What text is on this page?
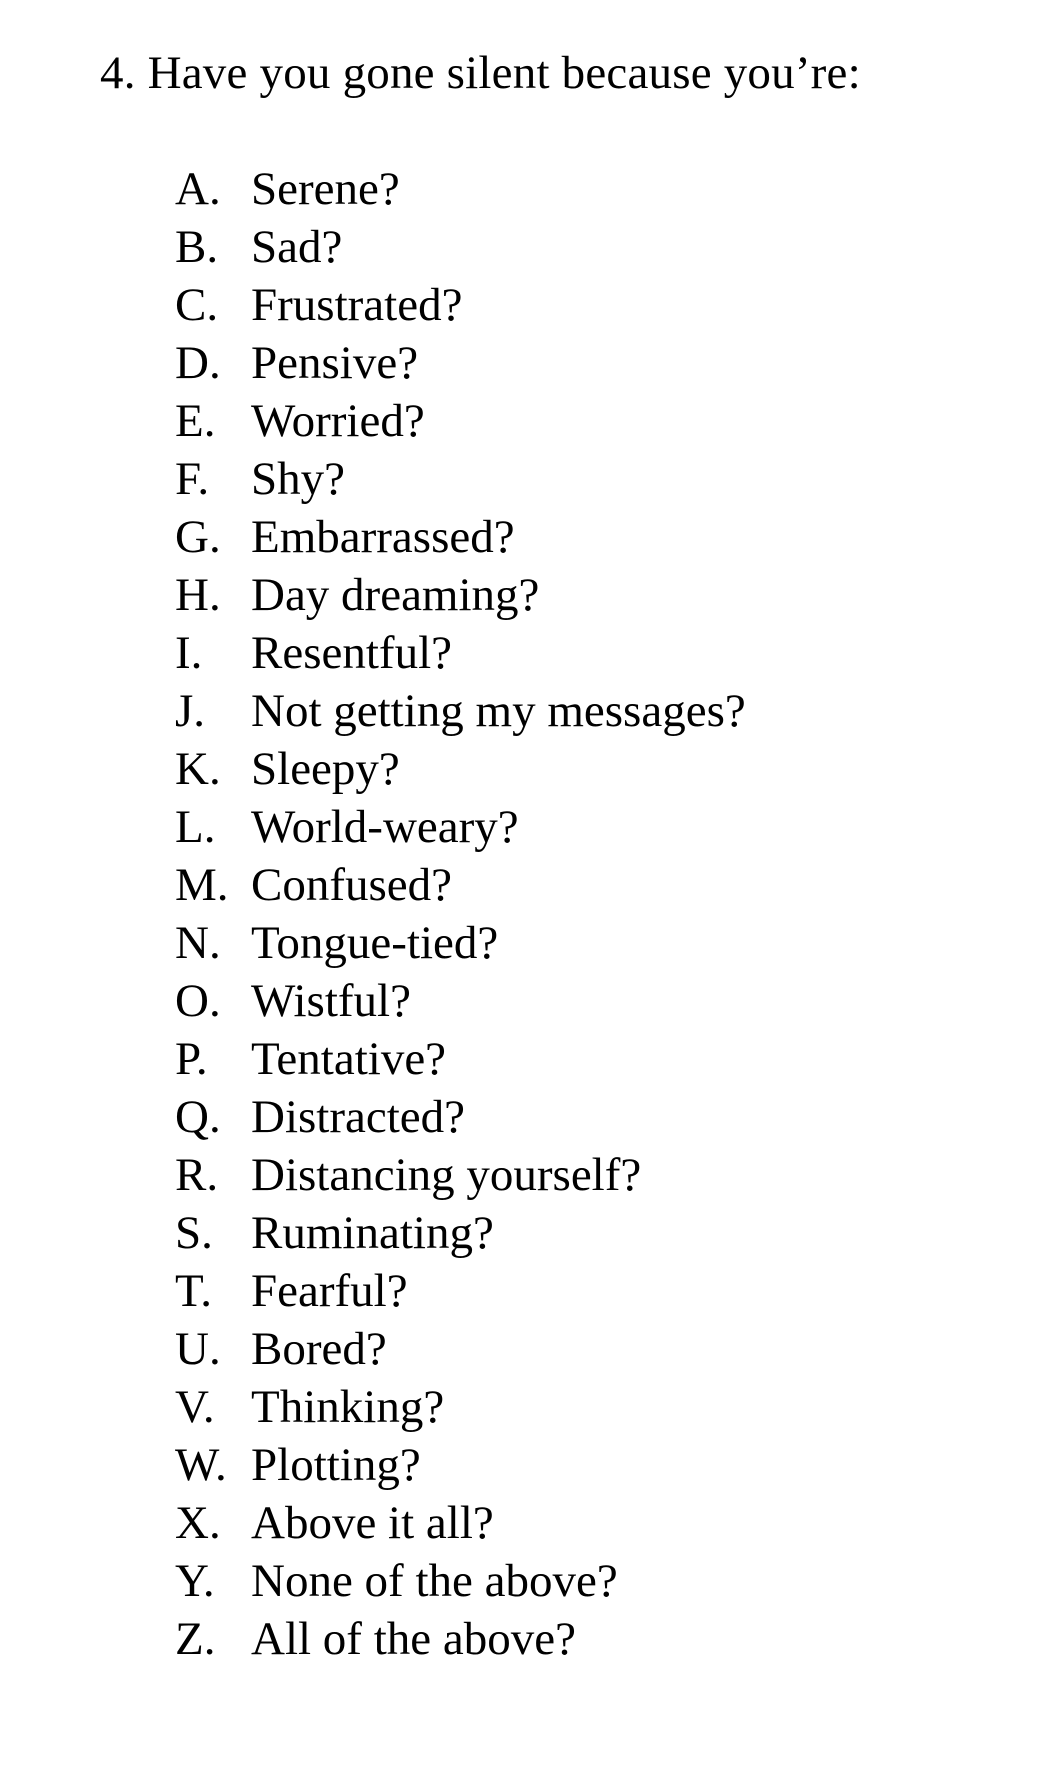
4. Have you gone silent because you’re:
A. Serene?
B. Sad?
C. Frustrated?
D. Pensive?
E. Worried?
F. Shy?
G. Embarrassed?
H. Day dreaming?
I.	Resentful?
J. Not getting my messages?
K. Sleepy?
L. World-weary?
M. Confused?
N. Tongue-tied?
O. Wistful?
P. Tentative?
Q. Distracted?
R. Distancing yourself?
S. Ruminating?
T. Fearful?
U. Bored?
V. Thinking?
W. Plotting?
X. Above it all?
Y. None of the above?
Z. All of the above?
